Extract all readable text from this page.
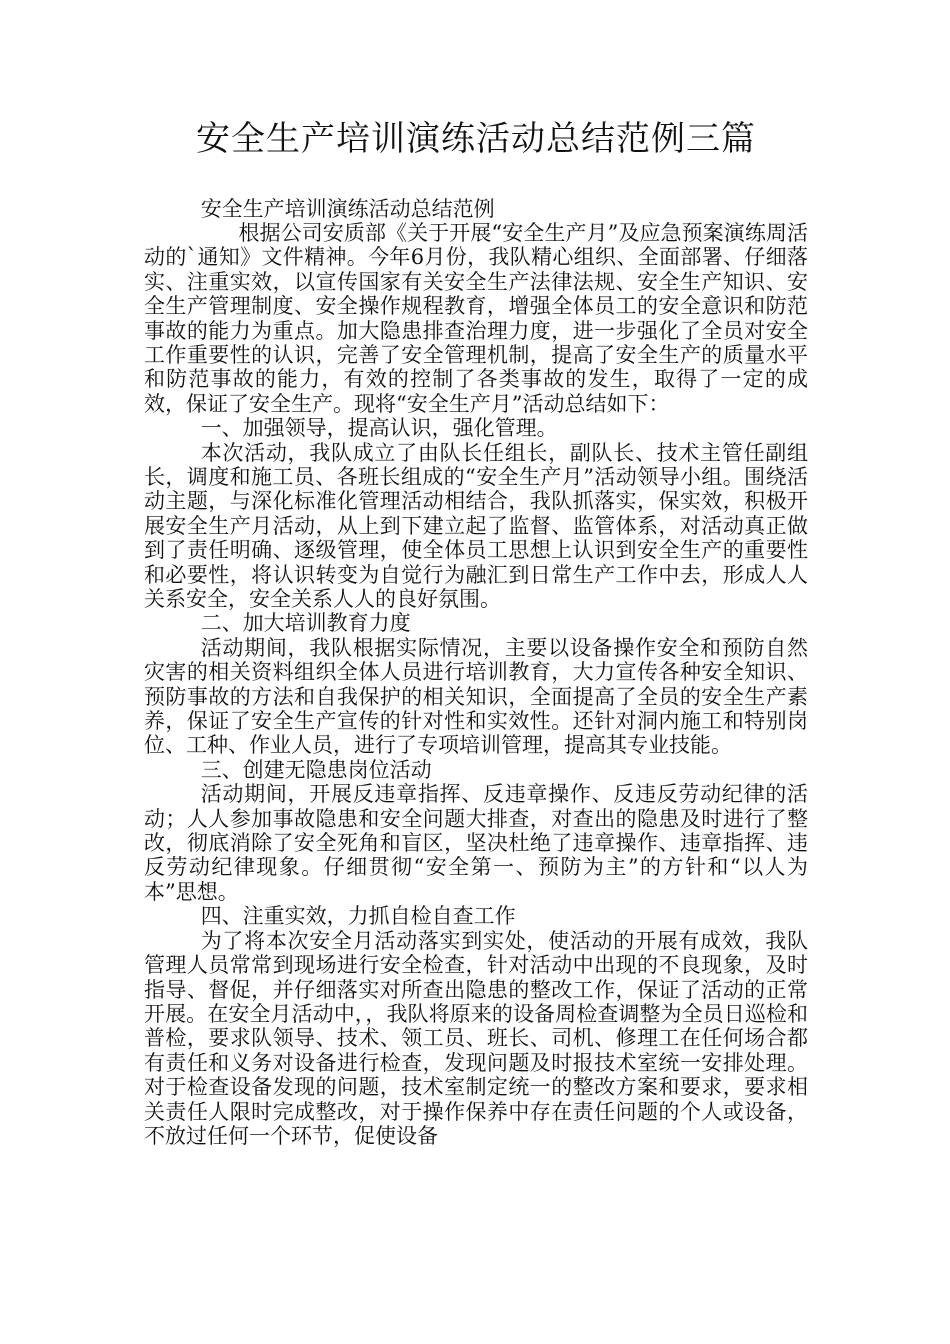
安全生产培训演练活动总结范例三篇

安全生产培训演练活动总结范例

根据公司安质部《关于开展“安全生产月”及应急预案演练周活动的`通知》文件精神。今年6月份，我队精心组织、全面部署、仔细落实、注重实效，以宣传国家有关安全生产法律法规、安全生产知识、安全生产管理制度、安全操作规程教育，增强全体员工的安全意识和防范事故的能力为重点。加大隐患排查治理力度，进一步强化了全员对安全工作重要性的认识，完善了安全管理机制，提高了安全生产的质量水平和防范事故的能力，有效的控制了各类事故的发生，取得了一定的成效，保证了安全生产。现将“安全生产月”活动总结如下：

一、加强领导，提高认识，强化管理。

本次活动，我队成立了由队长任组长，副队长、技术主管任副组长，调度和施工员、各班长组成的“安全生产月”活动领导小组。围绕活动主题，与深化标准化管理活动相结合，我队抓落实，保实效，积极开展安全生产月活动，从上到下建立起了监督、监管体系，对活动真正做到了责任明确、逐级管理，使全体员工思想上认识到安全生产的重要性和必要性，将认识转变为自觉行为融汇到日常生产工作中去，形成人人关系安全，安全关系人人的良好氛围。

二、加大培训教育力度

活动期间，我队根据实际情况，主要以设备操作安全和预防自然灾害的相关资料组织全体人员进行培训教育，大力宣传各种安全知识、预防事故的方法和自我保护的相关知识，全面提高了全员的安全生产素养，保证了安全生产宣传的针对性和实效性。还针对洞内施工和特别岗位、工种、作业人员，进行了专项培训管理，提高其专业技能。

三、创建无隐患岗位活动

活动期间，开展反违章指挥、反违章操作、反违反劳动纪律的活动；人人参加事故隐患和安全问题大排查，对查出的隐患及时进行了整改，彻底消除了安全死角和盲区，坚决杜绝了违章操作、违章指挥、违反劳动纪律现象。仔细贯彻“安全第一、预防为主”的方针和“以人为本”思想。

四、注重实效，力抓自检自查工作

为了将本次安全月活动落实到实处，使活动的开展有成效，我队管理人员常常到现场进行安全检查，针对活动中出现的不良现象，及时指导、督促，并仔细落实对所查出隐患的整改工作，保证了活动的正常开展。在安全月活动中，，我队将原来的设备周检查调整为全员日巡检和普检，要求队领导、技术、领工员、班长、司机、修理工在任何场合都有责任和义务对设备进行检查，发现问题及时报技术室统一安排处理。对于检查设备发现的问题，技术室制定统一的整改方案和要求，要求相关责任人限时完成整改，对于操作保养中存在责任问题的个人或设备，不放过任何一个环节，促使设备
